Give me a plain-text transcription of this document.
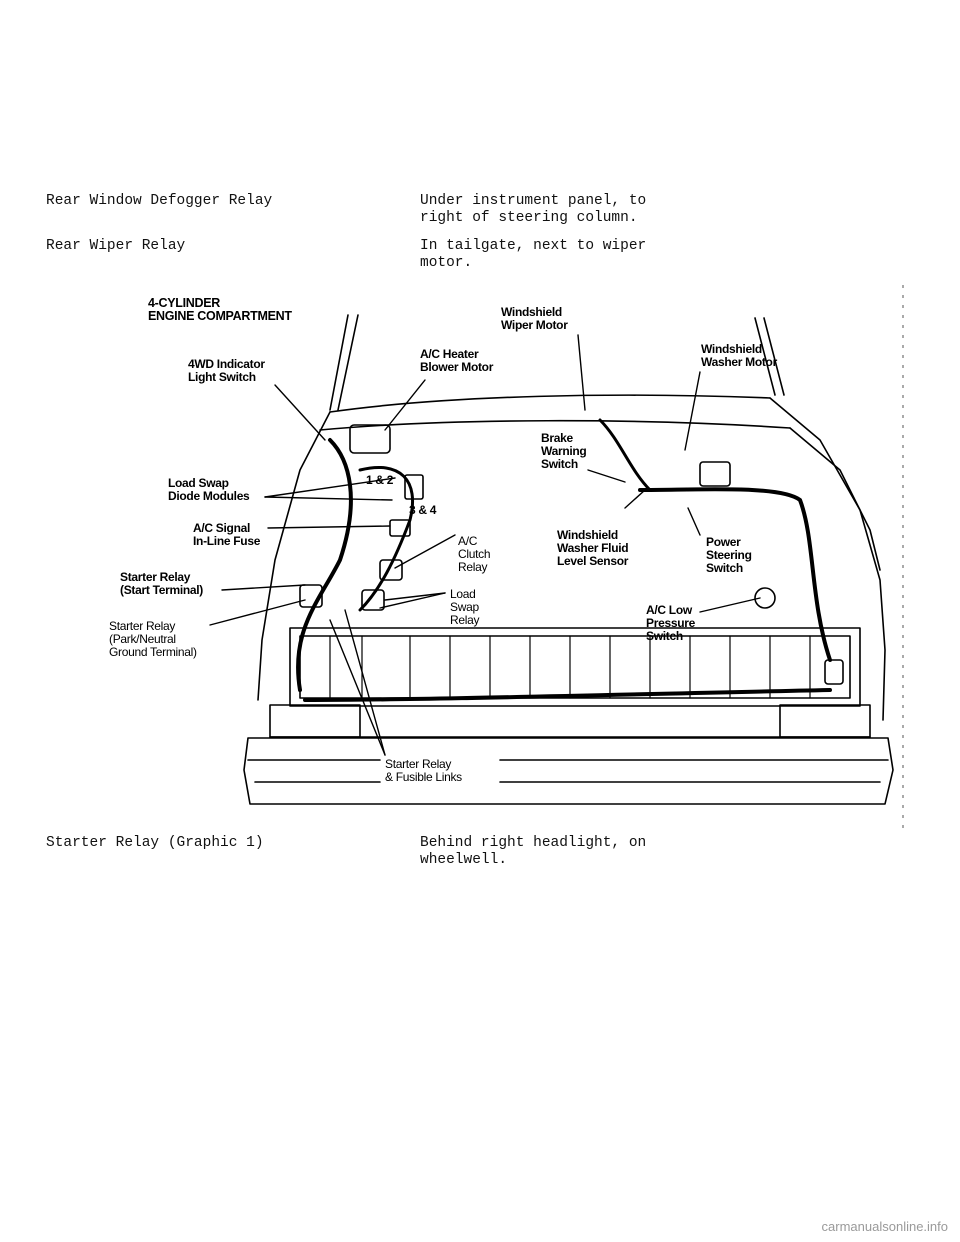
Rear Window Defogger Relay	Under instrument panel, to
right of steering column.
Rear Wiper Relay	In tailgate, next to wiper
motor.
4-CYLINDER
ENGINE COMPARTMENT	Windshield
Wiper Motor
Windshield
Washer Motor
A/C Heater
Blower Motor
4WD Indicator
Light Switch
Brake
Warning
Switch
Load Swap
Diode Modules
1 & 2
3 & 4
A/C Signal
In-Line Fuse	A/C
Clutch
Relay
Windshield
Washer Fluid
Level Sensor
Power
Steering
Switch
Starter Relay
(Start Terminal)	Load
Swap
Relay
A/C Low
Pressure
Switch
Starter Relay
(Park/Neutral
Ground Terminal)
Starter Relay
& Fusible Links
Starter Relay (Graphic 1)	Behind right headlight, on
wheelwell.
carmanualsonline.info
